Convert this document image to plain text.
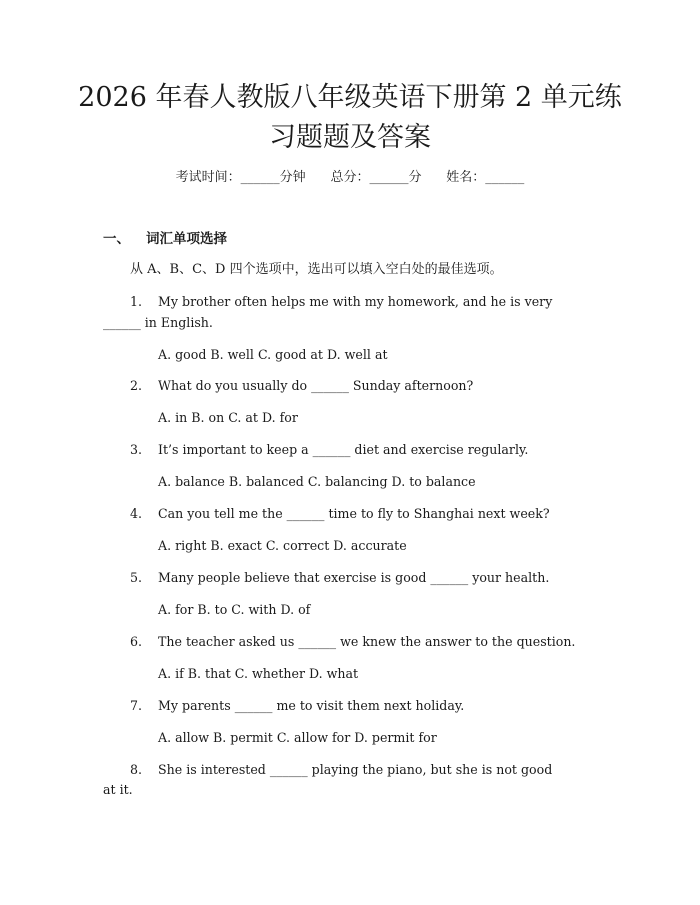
2026 年春人教版八年级英语下册第 2 单元练
习题题及答案
考试时间：______分钟 总分：______分 姓名：______
一、 词汇单项选择
从 A、B、C、D 四个选项中，选出可以填入空白处的最佳选项。
1. My brother often helps me with my homework, and he is very
______ in English.
A. good B. well C. good at D. well at
2. What do you usually do ______ Sunday afternoon?
A. in B. on C. at D. for
3. It’s important to keep a ______ diet and exercise regularly.
A. balance B. balanced C. balancing D. to balance
4. Can you tell me the ______ time to fly to Shanghai next week?
A. right B. exact C. correct D. accurate
5. Many people believe that exercise is good ______ your health.
A. for B. to C. with D. of
6. The teacher asked us ______ we knew the answer to the question.
A. if B. that C. whether D. what
7. My parents ______ me to visit them next holiday.
A. allow B. permit C. allow for D. permit for
8. She is interested ______ playing the piano, but she is not good
at it.
